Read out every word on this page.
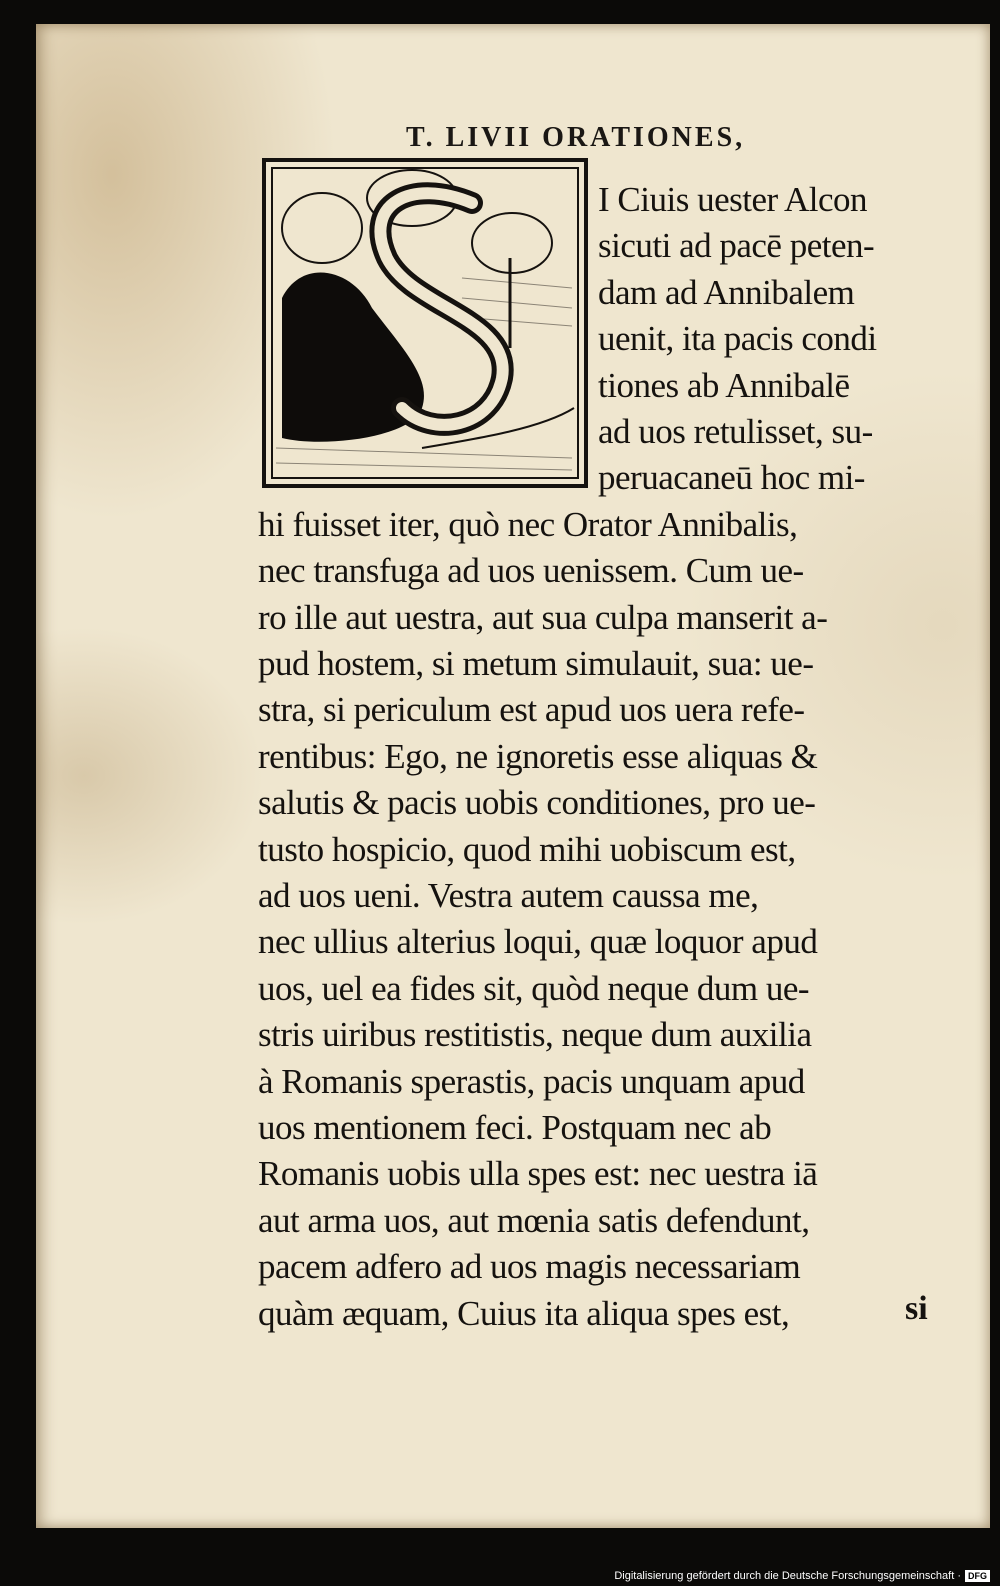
T. LIVII ORATIONES,
I Ciuis uester Alcon
sicuti ad pacē peten-
dam ad Annibalem
uenit, ita pacis condi
tiones ab Annibalē
ad uos retulisset, su-
peruacaneū hoc mi-
hi fuisset iter, quò nec Orator Annibalis,
nec transfuga ad uos uenissem. Cum ue-
ro ille aut uestra, aut sua culpa manserit a-
pud hostem, si metum simulauit, sua: ue-
stra, si periculum est apud uos uera refe-
rentibus: Ego, ne ignoretis esse aliquas &
salutis & pacis uobis conditiones, pro ue-
tusto hospicio, quod mihi uobiscum est,
ad uos ueni. Vestra autem caussa me,
nec ullius alterius loqui, quæ loquor apud
uos, uel ea fides sit, quòd neque dum ue-
stris uiribus restitistis, neque dum auxilia
à Romanis sperastis, pacis unquam apud
uos mentionem feci. Postquam nec ab
Romanis uobis ulla spes est: nec uestra iā
aut arma uos, aut mœnia satis defendunt,
pacem adfero ad uos magis necessariam
quàm æquam, Cuius ita aliqua spes est,	si
Digitalisierung gefördert durch die Deutsche Forschungsgemeinschaft · DFG
